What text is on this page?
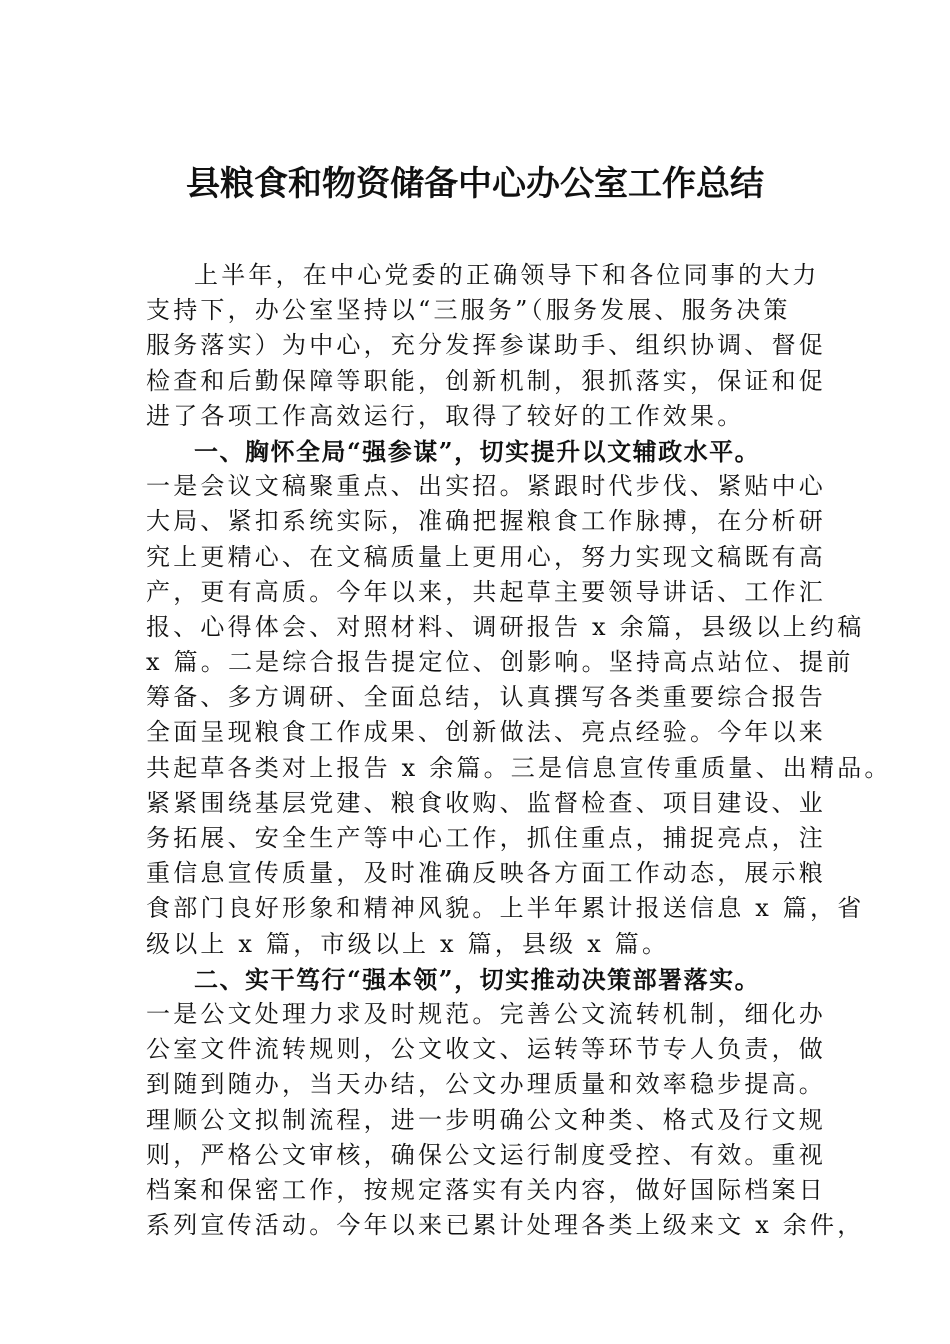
县粮食和物资储备中心办公室工作总结
上半年，在中心党委的正确领导下和各位同事的大力
支持下，办公室坚持以“三服务”（服务发展、服务决策
服务落实）为中心，充分发挥参谋助手、组织协调、督促
检查和后勤保障等职能，创新机制，狠抓落实，保证和促
进了各项工作高效运行，取得了较好的工作效果。
一、胸怀全局“强参谋”，切实提升以文辅政水平。
一是会议文稿聚重点、出实招。紧跟时代步伐、紧贴中心
大局、紧扣系统实际，准确把握粮食工作脉搏，在分析研
究上更精心、在文稿质量上更用心，努力实现文稿既有高
产，更有高质。今年以来，共起草主要领导讲话、工作汇
报、心得体会、对照材料、调研报告 x 余篇，县级以上约稿
x 篇。二是综合报告提定位、创影响。坚持高点站位、提前
筹备、多方调研、全面总结，认真撰写各类重要综合报告
全面呈现粮食工作成果、创新做法、亮点经验。今年以来
共起草各类对上报告 x 余篇。三是信息宣传重质量、出精品。
紧紧围绕基层党建、粮食收购、监督检查、项目建设、业
务拓展、安全生产等中心工作，抓住重点，捕捉亮点，注
重信息宣传质量，及时准确反映各方面工作动态，展示粮
食部门良好形象和精神风貌。上半年累计报送信息 x 篇，省
级以上 x 篇，市级以上 x 篇，县级 x 篇。
二、实干笃行“强本领”，切实推动决策部署落实。
一是公文处理力求及时规范。完善公文流转机制，细化办
公室文件流转规则，公文收文、运转等环节专人负责，做
到随到随办，当天办结，公文办理质量和效率稳步提高。
理顺公文拟制流程，进一步明确公文种类、格式及行文规
则，严格公文审核，确保公文运行制度受控、有效。重视
档案和保密工作，按规定落实有关内容，做好国际档案日
系列宣传活动。今年以来已累计处理各类上级来文 x 余件，
